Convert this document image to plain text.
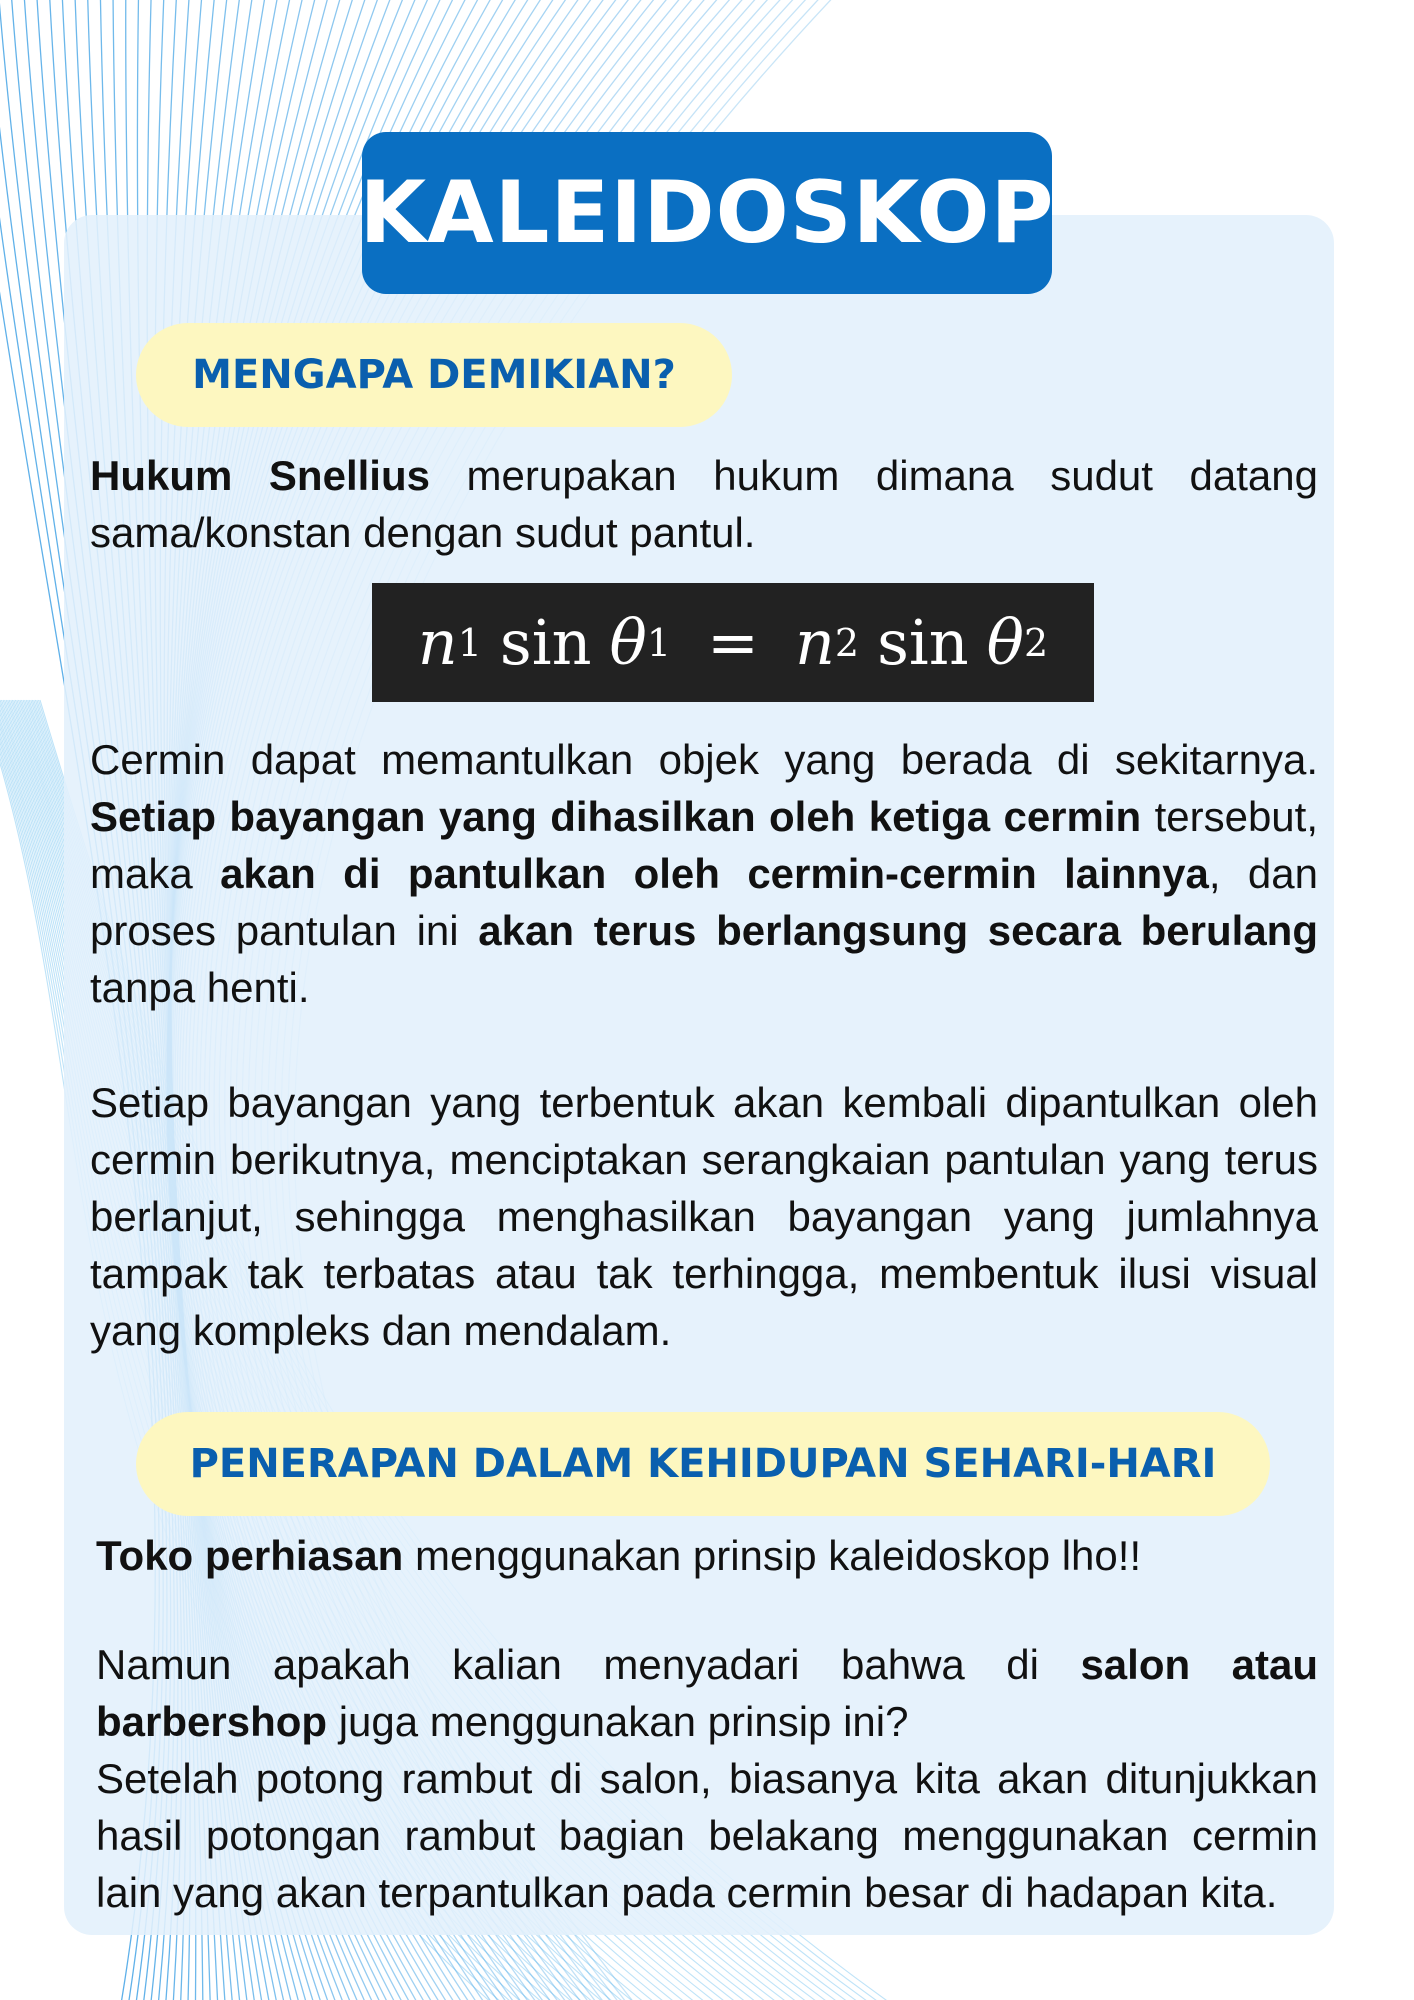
KALEIDOSKOP
MENGAPA DEMIKIAN?
Hukum Snellius merupakan hukum dimana sudut datang sama/konstan dengan sudut pantul.
n 1 sin θ 1 = n 2 sin θ 2
Cermin dapat memantulkan objek yang berada di sekitarnya. Setiap bayangan yang dihasilkan oleh ketiga cermin tersebut, maka akan di pantulkan oleh cermin-cermin lainnya, dan proses pantulan ini akan terus berlangsung secara berulang tanpa henti.
Setiap bayangan yang terbentuk akan kembali dipantulkan oleh cermin berikutnya, menciptakan serangkaian pantulan yang terus berlanjut, sehingga menghasilkan bayangan yang jumlahnya tampak tak terbatas atau tak terhingga, membentuk ilusi visual yang kompleks dan mendalam.
PENERAPAN DALAM KEHIDUPAN SEHARI-HARI
Toko perhiasan menggunakan prinsip kaleidoskop lho!!
Namun apakah kalian menyadari bahwa di salon atau barbershop juga menggunakan prinsip ini?
Setelah potong rambut di salon, biasanya kita akan ditunjukkan hasil potongan rambut bagian belakang menggunakan cermin lain yang akan terpantulkan pada cermin besar di hadapan kita.
